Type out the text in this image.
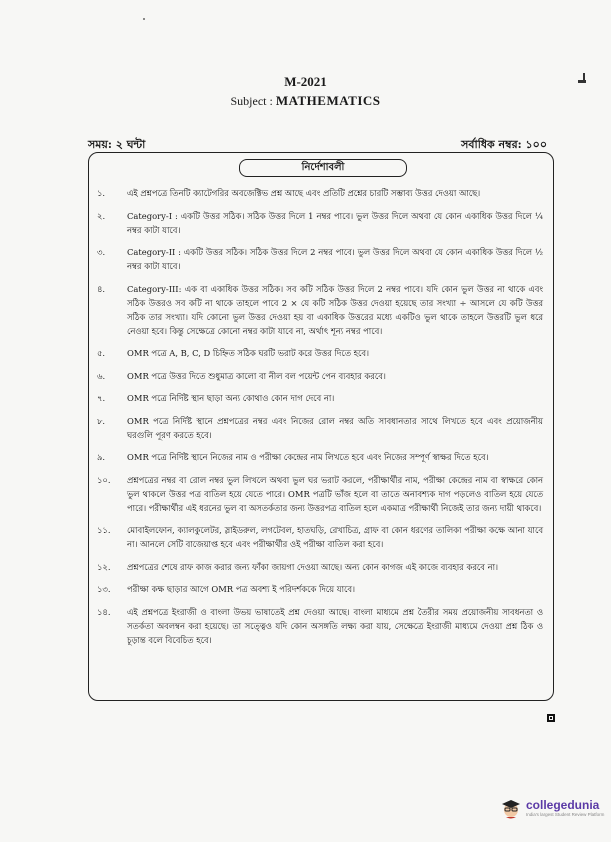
M-2021
Subject : MATHEMATICS
সময়: ২ ঘন্টা	সর্বাধিক নম্বর: ১০০
নির্দেশাবলী
১.	এই প্রশ্নপত্রে তিনটি ক্যাটেগরির অবজেক্টিভ প্রশ্ন আছে এবং প্রতিটি প্রশ্নের চারটি সম্ভাব্য উত্তর দেওয়া আছে।
২.	Category-I : একটি উত্তর সঠিক। সঠিক উত্তর দিলে 1 নম্বর পাবে। ভুল উত্তর দিলে অথবা যে কোন একাধিক উত্তর দিলে ¼ নম্বর কাটা যাবে।
৩.	Category-II : একটি উত্তর সঠিক। সঠিক উত্তর দিলে 2 নম্বর পাবে। ভুল উত্তর দিলে অথবা যে কোন একাধিক উত্তর দিলে ½ নম্বর কাটা যাবে।
৪.	Category-III: এক বা একাধিক উত্তর সঠিক। সব কটি সঠিক উত্তর দিলে 2 নম্বর পাবে। যদি কোন ভুল উত্তর না থাকে এবং সঠিক উত্তরও সব কটি না থাকে তাহলে পাবে 2 × যে কটি সঠিক উত্তর দেওয়া হয়েছে তার সংখ্যা ÷ আসলে যে কটি উত্তর সঠিক তার সংখ্যা। যদি কোনো ভুল উত্তর দেওয়া হয় বা একাধিক উত্তরের মধ্যে একটিও ভুল থাকে তাহলে উত্তরটি ভুল ধরে নেওয়া হবে। কিন্তু সেক্ষেত্রে কোনো নম্বর কাটা যাবে না, অর্থাৎ শূন্য নম্বর পাবে।
৫.	OMR পত্রে A, B, C, D চিহ্নিত সঠিক ঘরটি ভরাট করে উত্তর দিতে হবে।
৬.	OMR পত্রে উত্তর দিতে শুধুমাত্র কালো বা নীল বল পয়েন্ট পেন ব্যবহার করবে।
৭.	OMR পত্রে নির্দিষ্ট স্থান ছাড়া অন্য কোথাও কোন দাগ দেবে না।
৮.	OMR পত্রে নির্দিষ্ট স্থানে প্রশ্নপত্রের নম্বর এবং নিজের রোল নম্বর অতি সাবধানতার সাথে লিখতে হবে এবং প্রয়োজনীয় ঘরগুলি পূরণ করতে হবে।
৯.	OMR পত্রে নির্দিষ্ট স্থানে নিজের নাম ও পরীক্ষা কেন্দ্রের নাম লিখতে হবে এবং নিজের সম্পূর্ণ স্বাক্ষর দিতে হবে।
১০.	প্রশ্নপত্রের নম্বর বা রোল নম্বর ভুল লিখলে অথবা ভুল ঘর ভরাট করলে, পরীক্ষার্থীর নাম, পরীক্ষা কেন্দ্রের নাম বা স্বাক্ষরে কোন ভুল থাকলে উত্তর পত্র বাতিল হয়ে যেতে পারে। OMR পত্রটি ভাঁজ হলে বা তাতে অনাবশ্যক দাগ পড়লেও বাতিল হয়ে যেতে পারে। পরীক্ষার্থীর এই ধরনের ভুল বা অসতর্কতার জন্য উত্তরপত্র বাতিল হলে একমাত্র পরীক্ষার্থী নিজেই তার জন্য দায়ী থাকবে।
১১.	মোবাইলফোন, ক্যালকুলেটর, স্লাইডরুল, লগটেবল, হাতঘড়ি, রেখাচিত্র, গ্রাফ বা কোন ধরণের তালিকা পরীক্ষা কক্ষে আনা যাবে না। আনলে সেটি বাজেয়াপ্ত হবে এবং পরীক্ষার্থীর ওই পরীক্ষা বাতিল করা হবে।
১২.	প্রশ্নপত্রের শেষে রাফ কাজ করার জন্য ফাঁকা জায়গা দেওয়া আছে। অন্য কোন কাগজ এই কাজে ব্যবহার করবে না।
১৩.	পরীক্ষা কক্ষ ছাড়ার আগে OMR পত্র অবশ্য ই পরিদর্শককে দিয়ে যাবে।
১৪.	এই প্রশ্নপত্রে ইংরাজী ও বাংলা উভয় ভাষাতেই প্রশ্ন দেওয়া আছে। বাংলা মাধ্যমে প্রশ্ন তৈরীর সময় প্রয়োজনীয় সাবধনতা ও সতর্কতা অবলম্বন করা হয়েছে। তা সত্ত্বেও যদি কোন অসঙ্গতি লক্ষ্য করা যায়, সেক্ষেত্রে ইংরাজী মাধ্যমে দেওয়া প্রশ্ন ঠিক ও চূড়ান্ত বলে বিবেচিত হবে।
collegedunia
India's largest Student Review Platform
